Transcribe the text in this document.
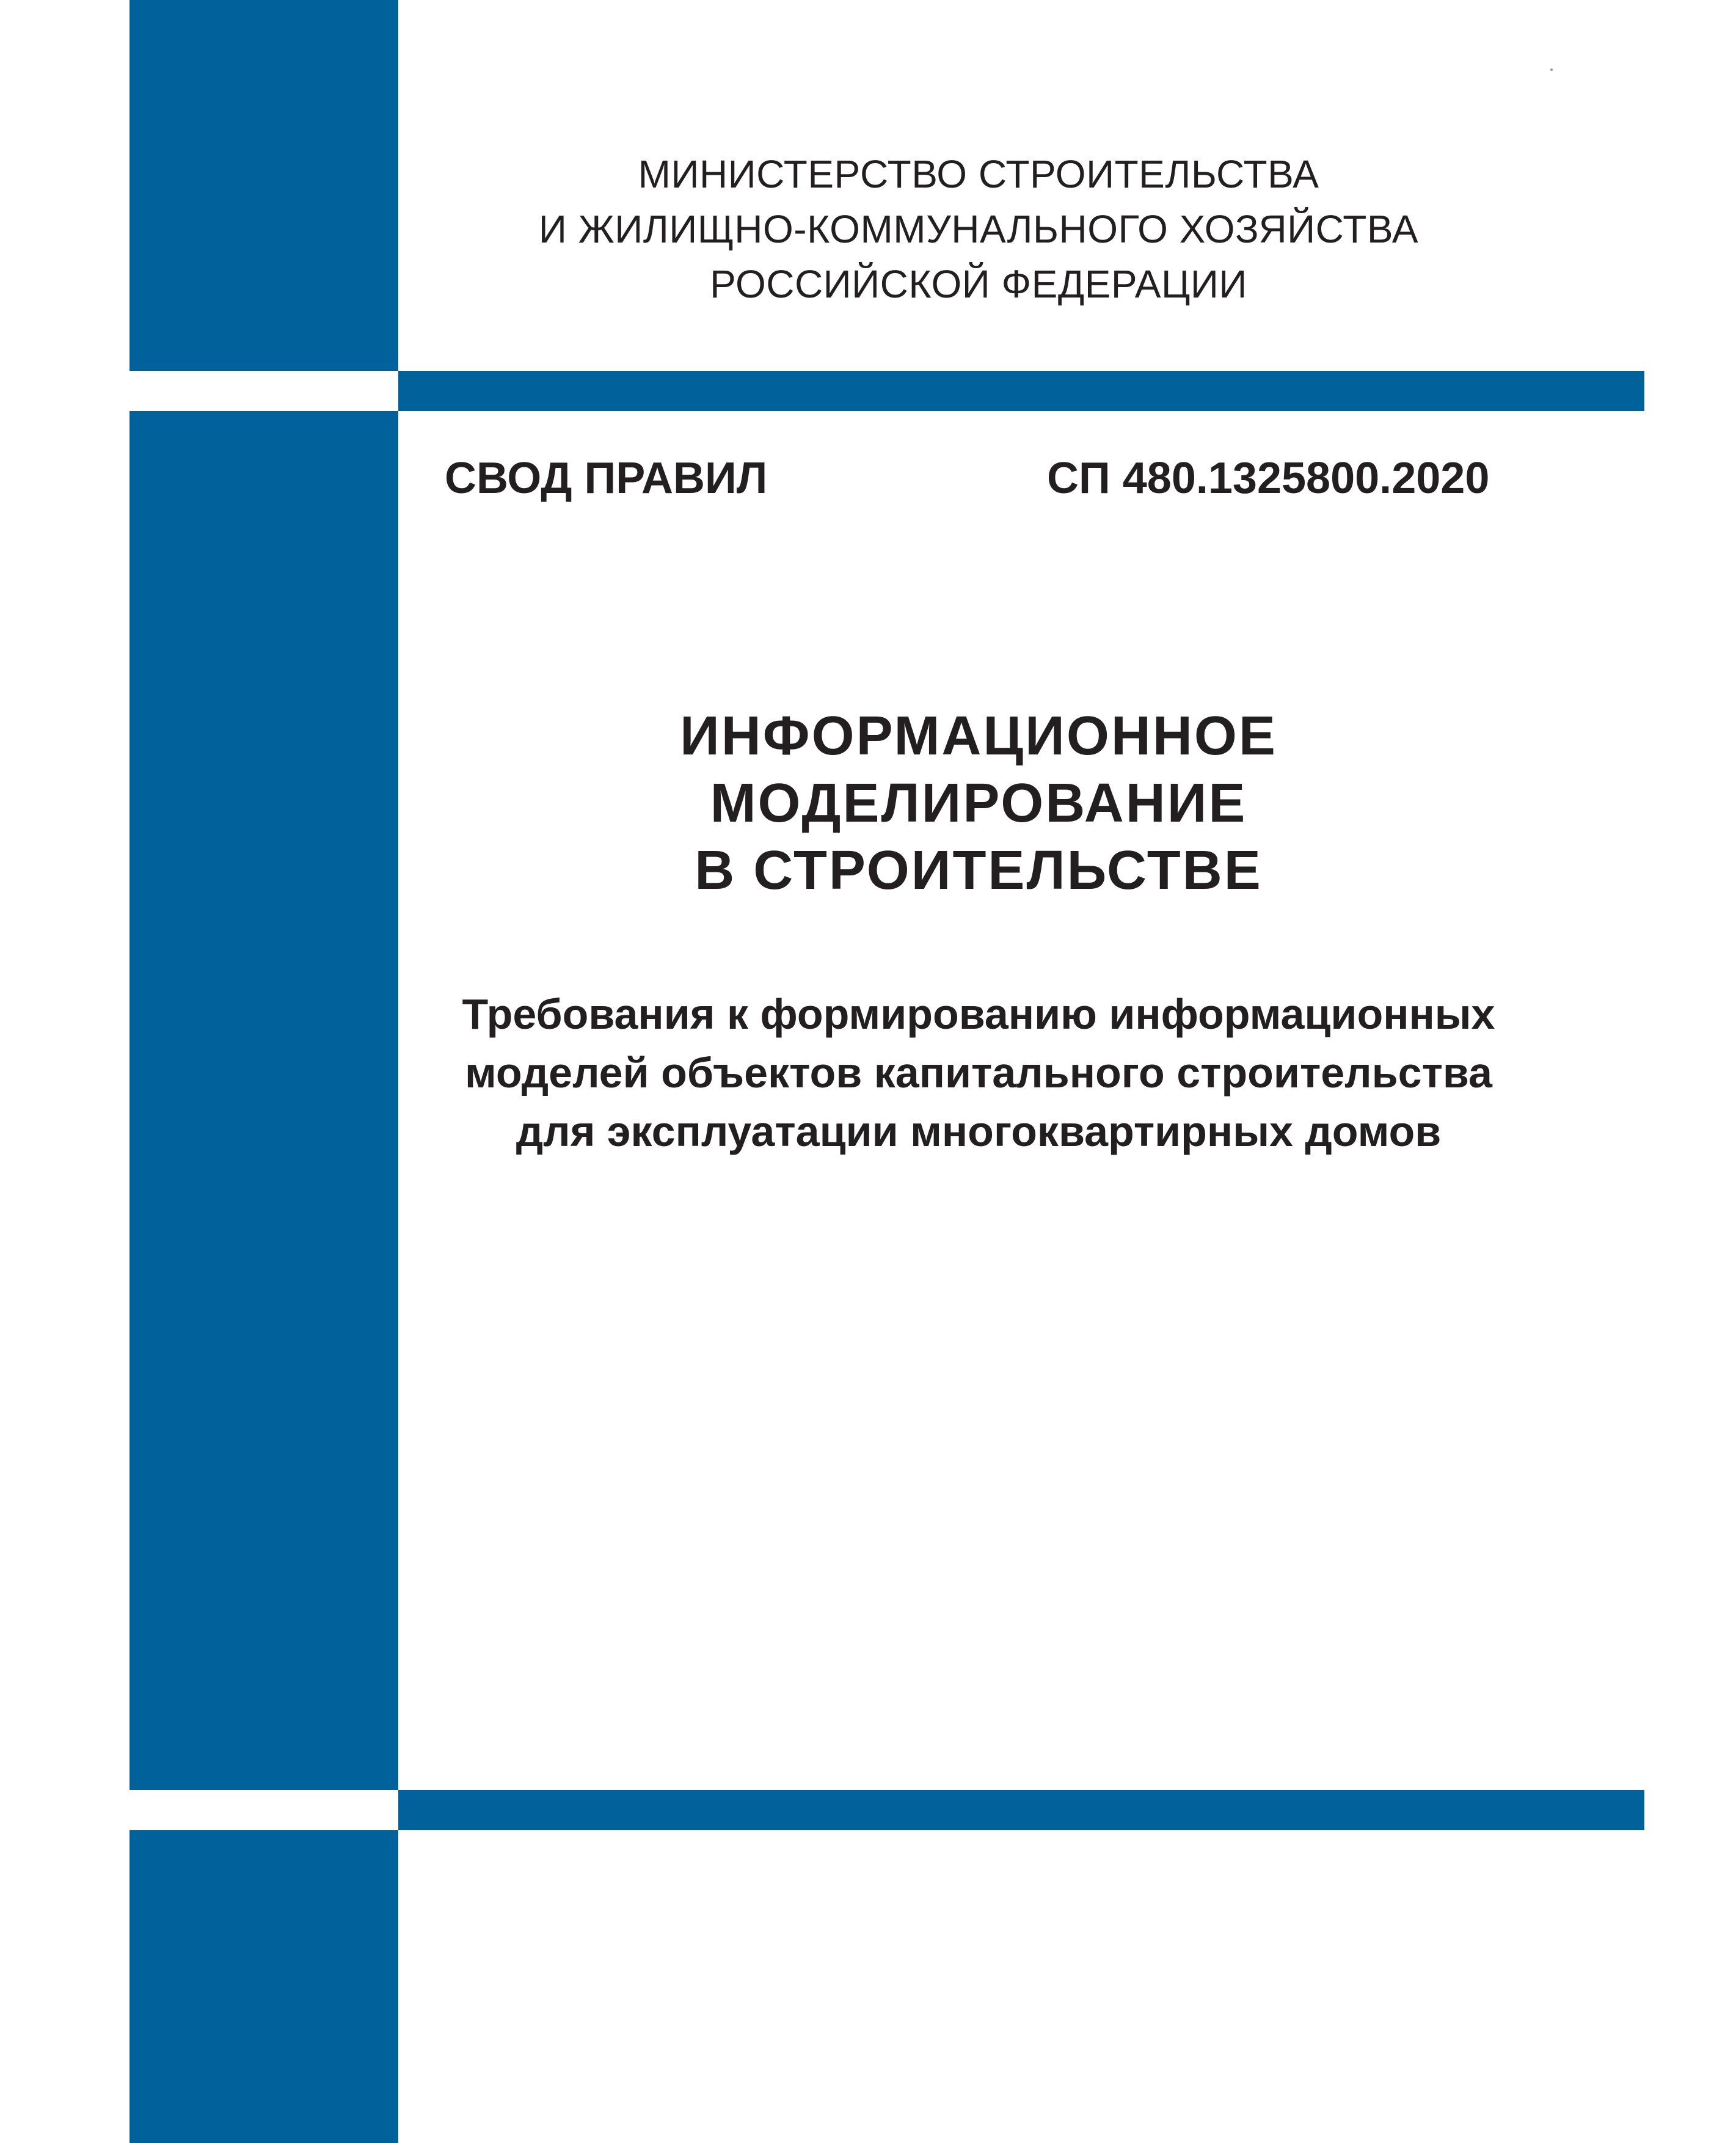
МИНИСТЕРСТВО СТРОИТЕЛЬСТВА
И ЖИЛИЩНО-КОММУНАЛЬНОГО ХОЗЯЙСТВА
РОССИЙСКОЙ ФЕДЕРАЦИИ
СВОД ПРАВИЛ	СП 480.1325800.2020
ИНФОРМАЦИОННОЕ
МОДЕЛИРОВАНИЕ
В СТРОИТЕЛЬСТВЕ
Требования к формированию информационных
моделей объектов капитального строительства
для эксплуатации многоквартирных домов
